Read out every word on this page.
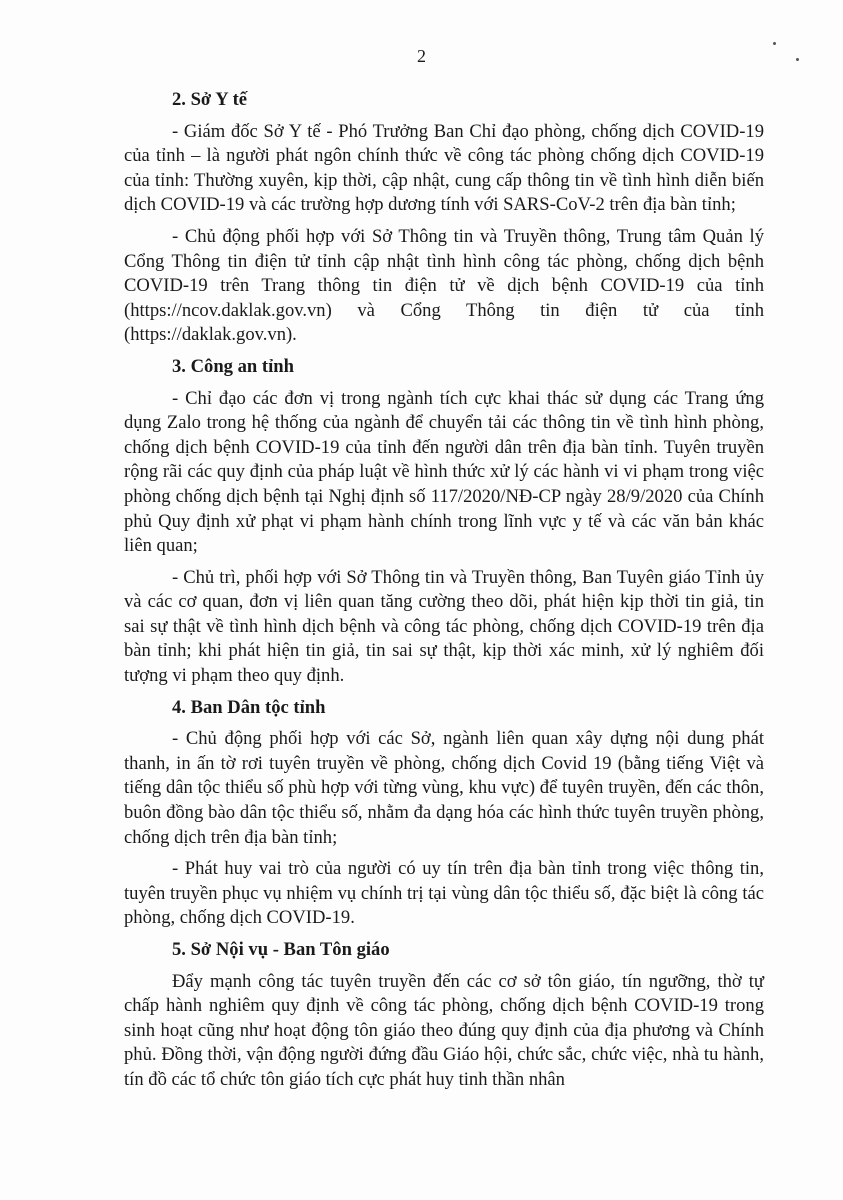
2

2. Sở Y tế

- Giám đốc Sở Y tế - Phó Trưởng Ban Chỉ đạo phòng, chống dịch COVID-19 của tỉnh – là người phát ngôn chính thức về công tác phòng chống dịch COVID-19 của tỉnh: Thường xuyên, kịp thời, cập nhật, cung cấp thông tin về tình hình diễn biến dịch COVID-19 và các trường hợp dương tính với SARS-CoV-2 trên địa bàn tỉnh;

- Chủ động phối hợp với Sở Thông tin và Truyền thông, Trung tâm Quản lý Cổng Thông tin điện tử tỉnh cập nhật tình hình công tác phòng, chống dịch bệnh COVID-19 trên Trang thông tin điện tử về dịch bệnh COVID-19 của tỉnh (https://ncov.daklak.gov.vn) và Cổng Thông tin điện tử của tỉnh (https://daklak.gov.vn).

3. Công an tỉnh

- Chỉ đạo các đơn vị trong ngành tích cực khai thác sử dụng các Trang ứng dụng Zalo trong hệ thống của ngành để chuyển tải các thông tin về tình hình phòng, chống dịch bệnh COVID-19 của tỉnh đến người dân trên địa bàn tỉnh. Tuyên truyền rộng rãi các quy định của pháp luật về hình thức xử lý các hành vi vi phạm trong việc phòng chống dịch bệnh tại Nghị định số 117/2020/NĐ-CP ngày 28/9/2020 của Chính phủ Quy định xử phạt vi phạm hành chính trong lĩnh vực y tế và các văn bản khác liên quan;

- Chủ trì, phối hợp với Sở Thông tin và Truyền thông, Ban Tuyên giáo Tỉnh ủy và các cơ quan, đơn vị liên quan tăng cường theo dõi, phát hiện kịp thời tin giả, tin sai sự thật về tình hình dịch bệnh và công tác phòng, chống dịch COVID-19 trên địa bàn tỉnh; khi phát hiện tin giả, tin sai sự thật, kịp thời xác minh, xử lý nghiêm đối tượng vi phạm theo quy định.

4. Ban Dân tộc tỉnh

- Chủ động phối hợp với các Sở, ngành liên quan xây dựng nội dung phát thanh, in ấn tờ rơi tuyên truyền về phòng, chống dịch Covid 19 (bằng tiếng Việt và tiếng dân tộc thiểu số phù hợp với từng vùng, khu vực) để tuyên truyền, đến các thôn, buôn đồng bào dân tộc thiểu số, nhằm đa dạng hóa các hình thức tuyên truyền phòng, chống dịch trên địa bàn tỉnh;

- Phát huy vai trò của người có uy tín trên địa bàn tỉnh trong việc thông tin, tuyên truyền phục vụ nhiệm vụ chính trị tại vùng dân tộc thiểu số, đặc biệt là công tác phòng, chống dịch COVID-19.

5. Sở Nội vụ - Ban Tôn giáo

Đẩy mạnh công tác tuyên truyền đến các cơ sở tôn giáo, tín ngưỡng, thờ tự chấp hành nghiêm quy định về công tác phòng, chống dịch bệnh COVID-19 trong sinh hoạt cũng như hoạt động tôn giáo theo đúng quy định của địa phương và Chính phủ. Đồng thời, vận động người đứng đầu Giáo hội, chức sắc, chức việc, nhà tu hành, tín đồ các tổ chức tôn giáo tích cực phát huy tinh thần nhân
